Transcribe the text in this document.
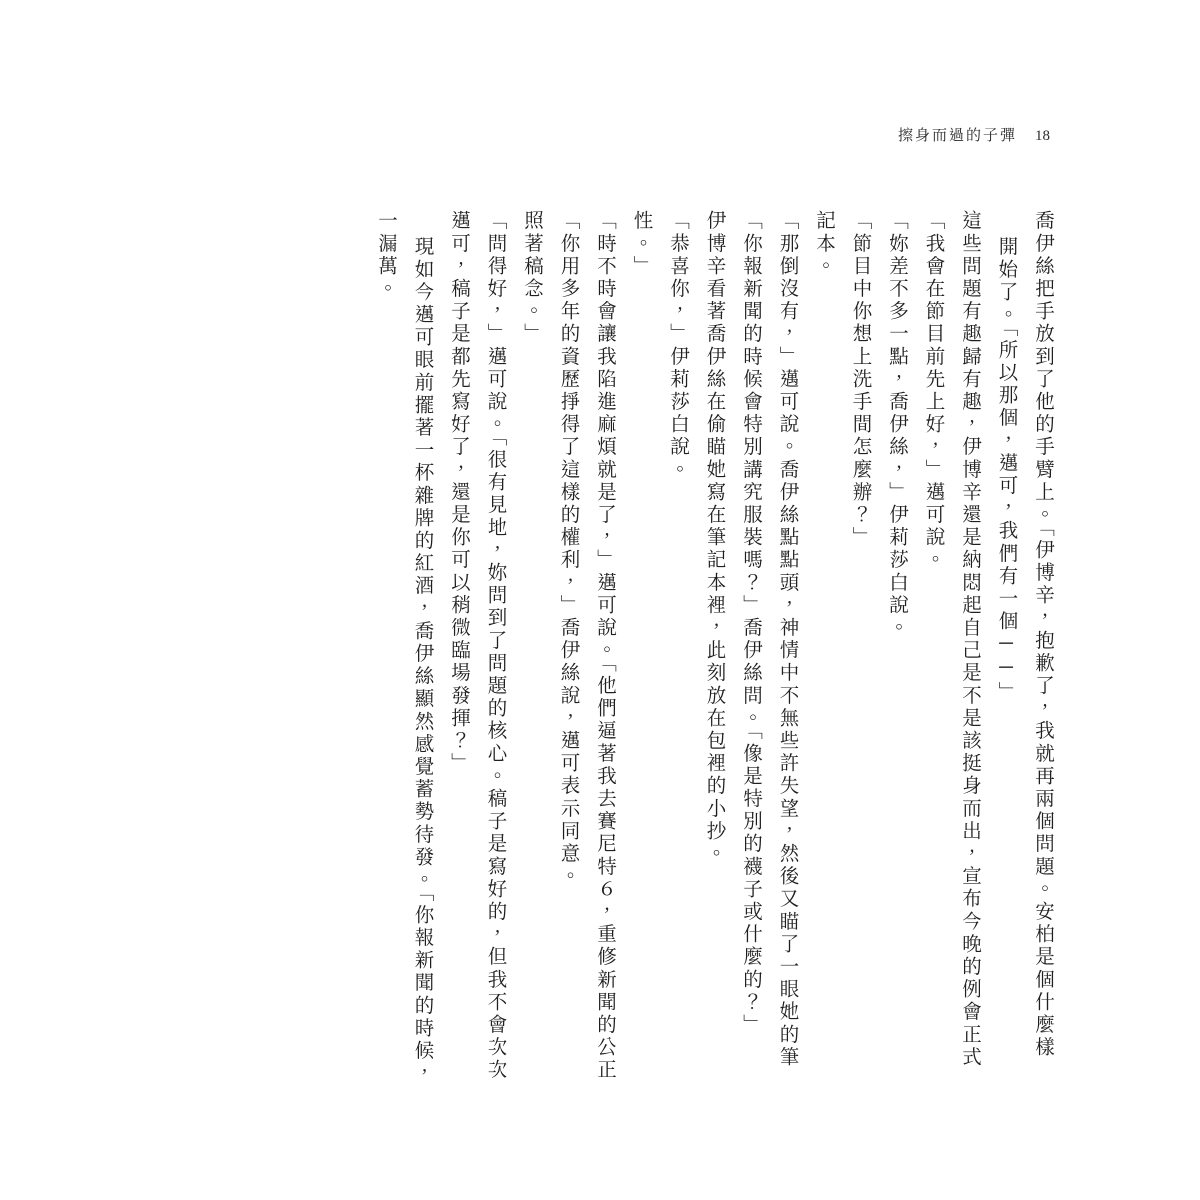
擦身而過的子彈 18
一漏萬。 現如今邁可眼前擺著一杯雜牌的紅酒，喬伊絲顯然感覺蓄勢待發。「你報新聞的時候， 邁可，稿子是都先寫好了，還是你可以稍微臨場發揮？」 「問得好，」邁可說。「很有見地，妳問到了問題的核心。稿子是寫好的，但我不會次次 照著稿念。」 「你用多年的資歷掙得了這樣的權利，」喬伊絲說，邁可表示同意。 「時不時會讓我陷進麻煩就是了，」邁可說。「他們逼著我去賽尼特６，重修新聞的公正 性。」 「恭喜你，」伊莉莎白說。 伊博辛看著喬伊絲在偷瞄她寫在筆記本裡，此刻放在包裡的小抄。 「你報新聞的時候會特別講究服裝嗎？」喬伊絲問。「像是特別的襪子或什麼的？」 「那倒沒有，」邁可說。喬伊絲點點頭，神情中不無些許失望，然後又瞄了一眼她的筆 記本。 「節目中你想上洗手間怎麼辦？」 「妳差不多一點，喬伊絲，」伊莉莎白說。 「我會在節目前先上好，」邁可說。 這些問題有趣歸有趣，伊博辛還是納悶起自己是不是該挺身而出，宣布今晚的例會正式 開始了。「所以那個，邁可，我們有一個──」 喬伊絲把手放到了他的手臂上。「伊博辛，抱歉了，我就再兩個問題。安柏是個什麼樣
